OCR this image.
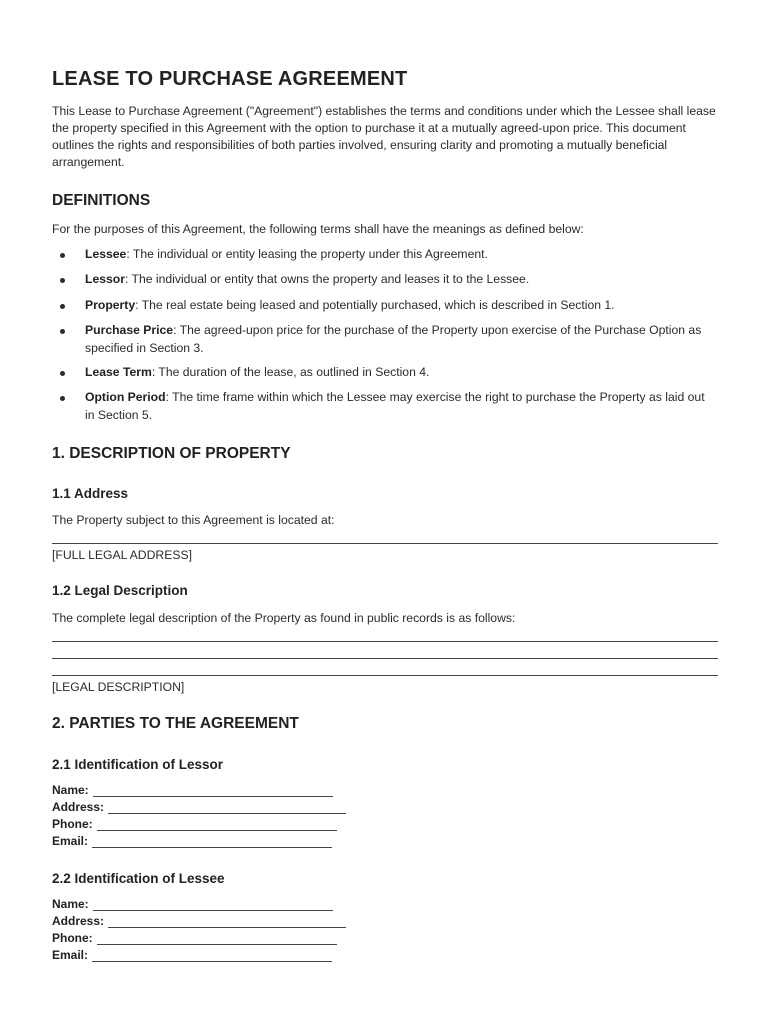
LEASE TO PURCHASE AGREEMENT

This Lease to Purchase Agreement ("Agreement") establishes the terms and conditions under which the Lessee shall lease the property specified in this Agreement with the option to purchase it at a mutually agreed-upon price. This document outlines the rights and responsibilities of both parties involved, ensuring clarity and promoting a mutually beneficial arrangement.

DEFINITIONS

For the purposes of this Agreement, the following terms shall have the meanings as defined below:

Lessee: The individual or entity leasing the property under this Agreement.
Lessor: The individual or entity that owns the property and leases it to the Lessee.
Property: The real estate being leased and potentially purchased, which is described in Section 1.
Purchase Price: The agreed-upon price for the purchase of the Property upon exercise of the Purchase Option as specified in Section 3.
Lease Term: The duration of the lease, as outlined in Section 4.
Option Period: The time frame within which the Lessee may exercise the right to purchase the Property as laid out in Section 5.
1. DESCRIPTION OF PROPERTY
1.1 Address

The Property subject to this Agreement is located at:

[FULL LEGAL ADDRESS]

1.2 Legal Description

The complete legal description of the Property as found in public records is as follows:

[LEGAL DESCRIPTION]

2. PARTIES TO THE AGREEMENT
2.1 Identification of Lessor
Name:
Address:
Phone:
Email:
2.2 Identification of Lessee
Name:
Address:
Phone:
Email:
